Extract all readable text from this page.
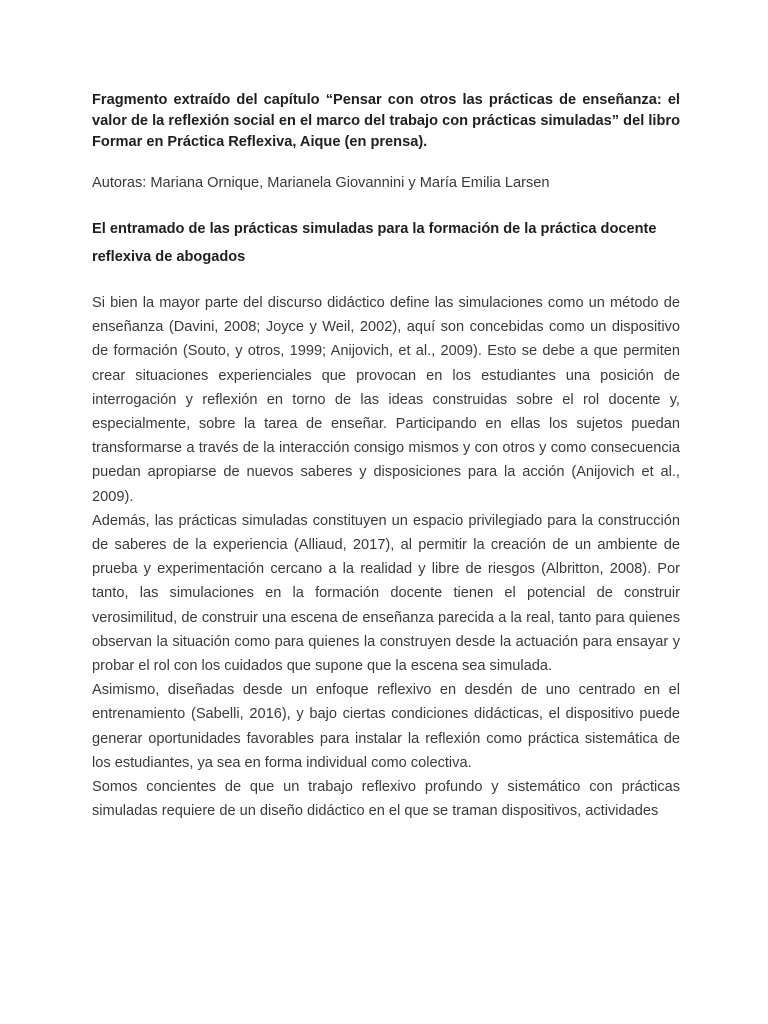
Fragmento extraído del capítulo “Pensar con otros las prácticas de enseñanza: el valor de la reflexión social en el marco del trabajo con prácticas simuladas” del libro Formar en Práctica Reflexiva, Aique (en prensa).

Autoras: Mariana Ornique, Marianela Giovannini y María Emilia Larsen

El entramado de las prácticas simuladas para la formación de la práctica docente reflexiva de abogados

Si bien la mayor parte del discurso didáctico define las simulaciones como un método de enseñanza (Davini, 2008; Joyce y Weil, 2002), aquí son concebidas como un dispositivo de formación (Souto, y otros, 1999; Anijovich, et al., 2009). Esto se debe a que permiten crear situaciones experienciales que provocan en los estudiantes una posición de interrogación y reflexión en torno de las ideas construidas sobre el rol docente y, especialmente, sobre la tarea de enseñar. Participando en ellas los sujetos puedan transformarse a través de la interacción consigo mismos y con otros y como consecuencia puedan apropiarse de nuevos saberes y disposiciones para la acción (Anijovich et al., 2009).

Además, las prácticas simuladas constituyen un espacio privilegiado para la construcción de saberes de la experiencia (Alliaud, 2017), al permitir la creación de un ambiente de prueba y experimentación cercano a la realidad y libre de riesgos (Albritton, 2008). Por tanto, las simulaciones en la formación docente tienen el potencial de construir verosimilitud, de construir una escena de enseñanza parecida a la real, tanto para quienes observan la situación como para quienes la construyen desde la actuación para ensayar y probar el rol con los cuidados que supone que la escena sea simulada.

Asimismo, diseñadas desde un enfoque reflexivo en desdén de uno centrado en el entrenamiento (Sabelli, 2016), y bajo ciertas condiciones didácticas, el dispositivo puede generar oportunidades favorables para instalar la reflexión como práctica sistemática de los estudiantes, ya sea en forma individual como colectiva.

Somos concientes de que un trabajo reflexivo profundo y sistemático con prácticas simuladas requiere de un diseño didáctico en el que se traman dispositivos, actividades
